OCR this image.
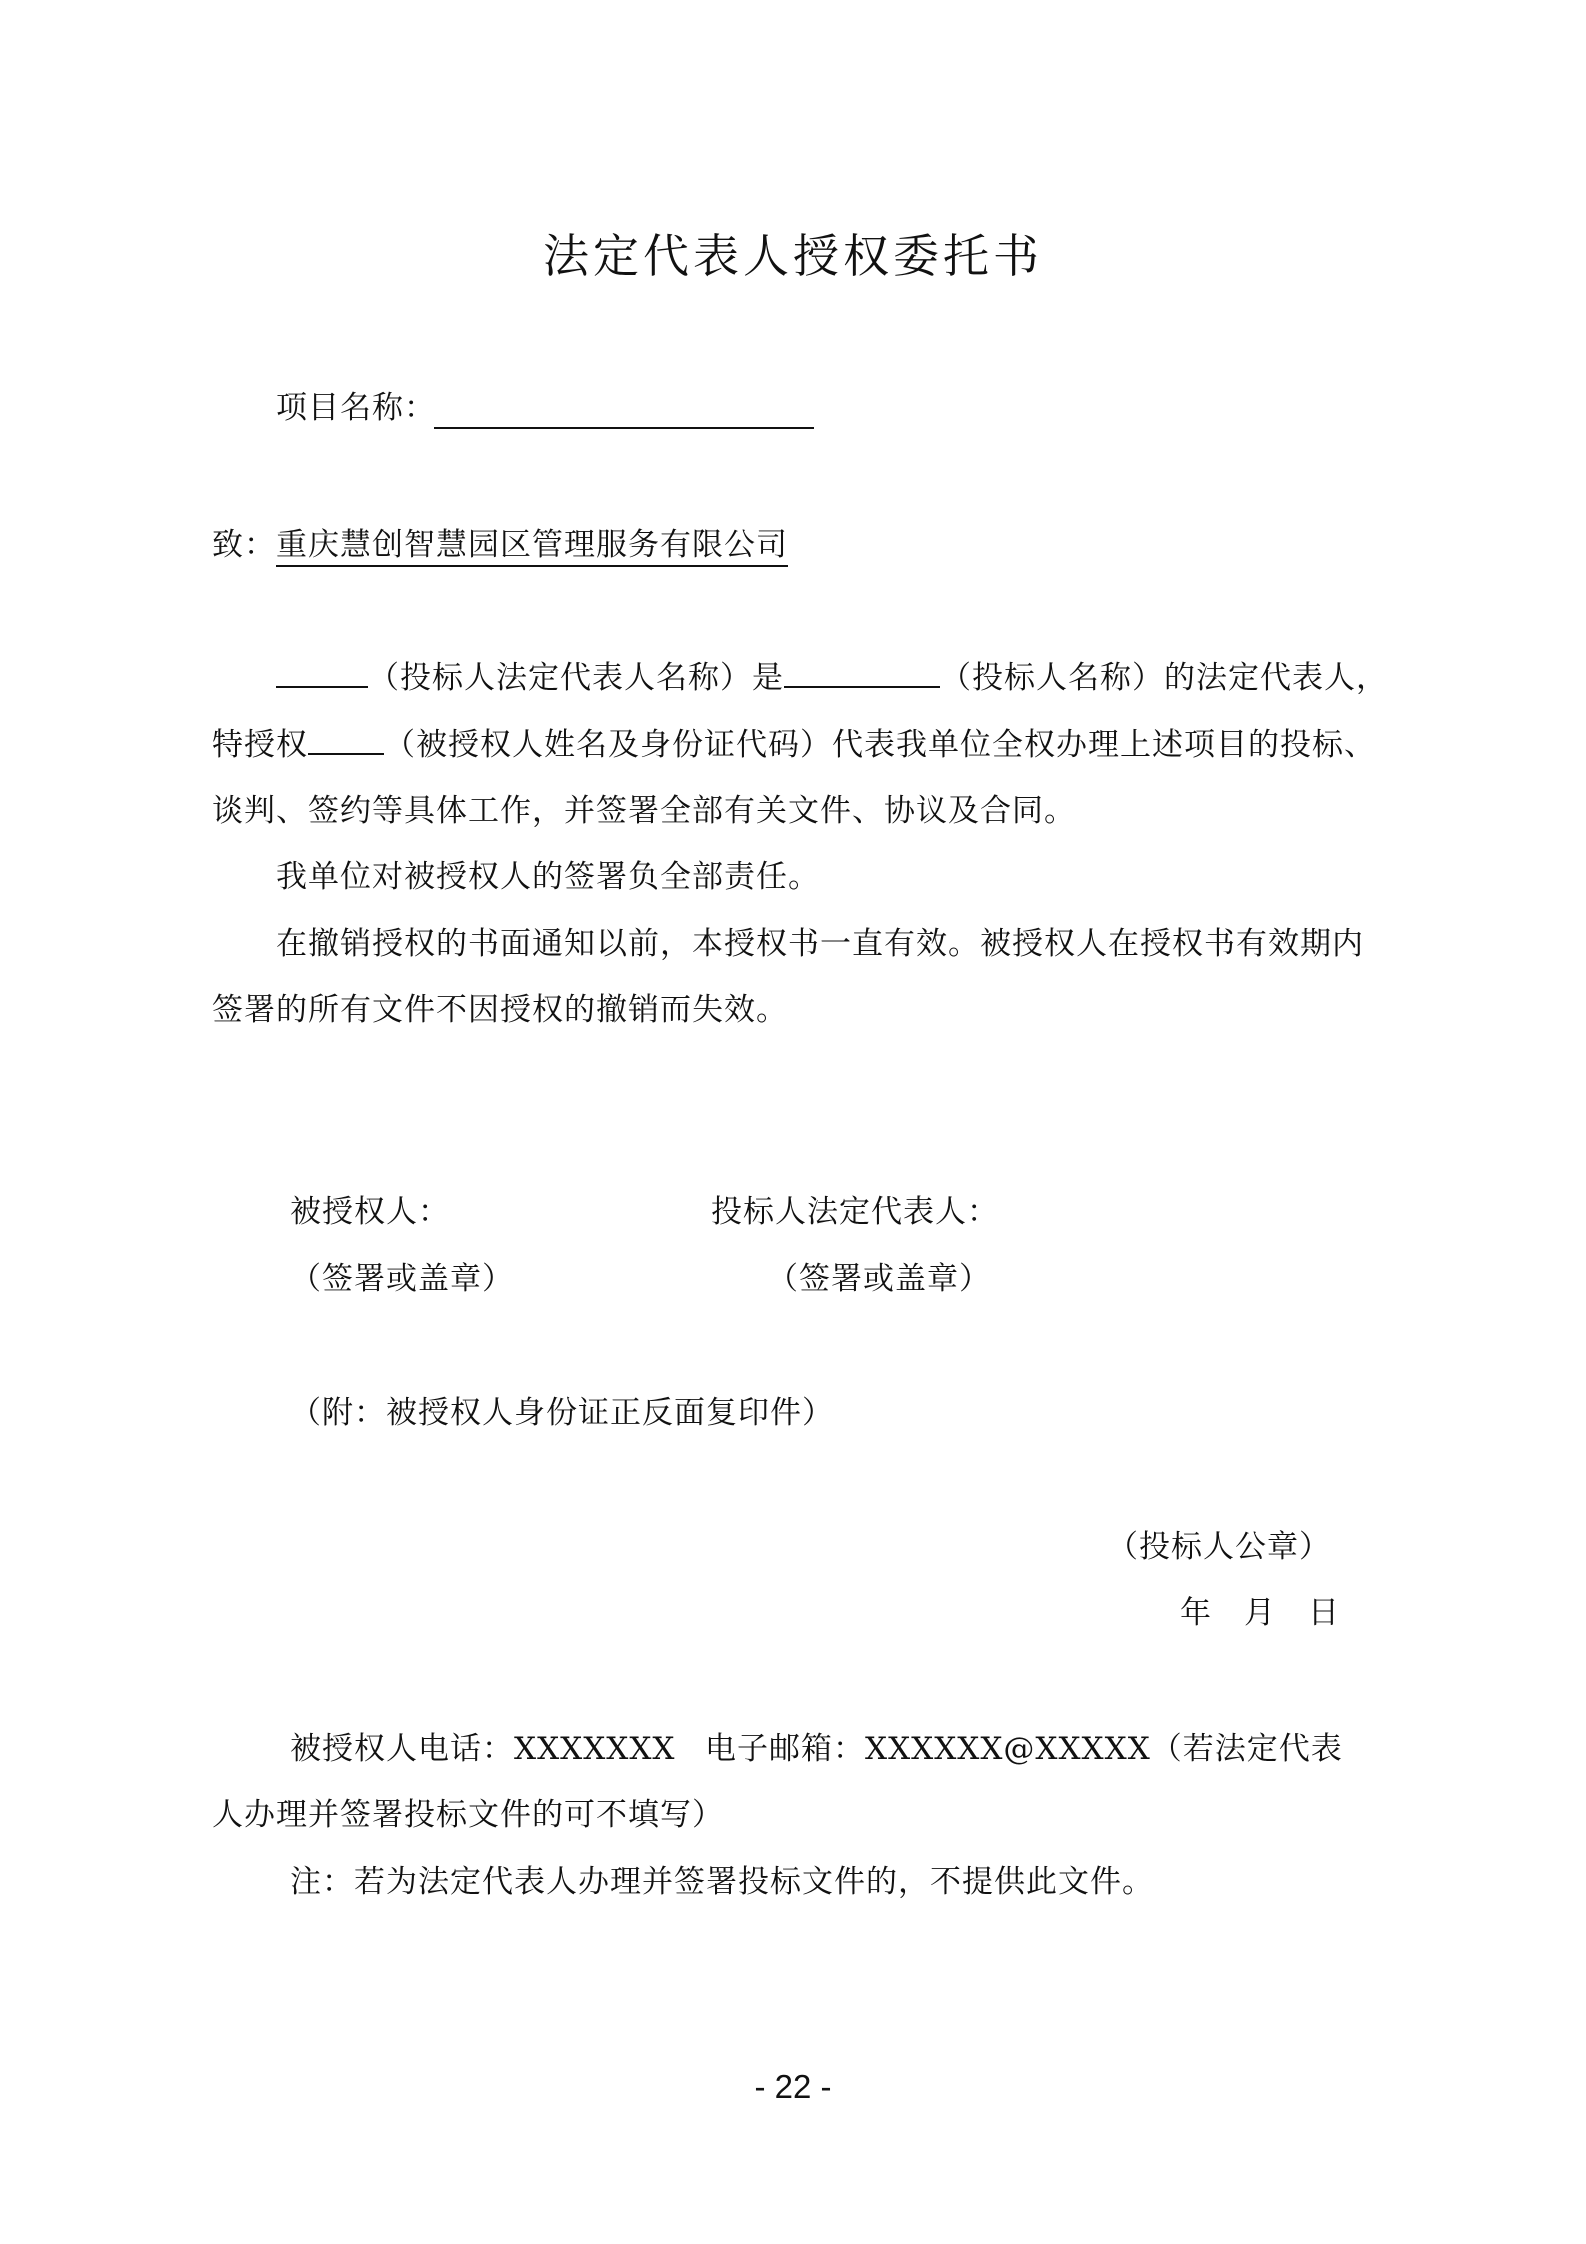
法定代表人授权委托书
项目名称：
致：重庆慧创智慧园区管理服务有限公司
（投标人法定代表人名称）是	（投标人名称）的法定代表人，
特授权 （被授权人姓名及身份证代码）代表我单位全权办理上述项目的投标、
谈判、签约等具体工作，并签署全部有关文件、协议及合同。
我单位对被授权人的签署负全部责任。
在撤销授权的书面通知以前，本授权书一直有效。被授权人在授权书有效期内
签署的所有文件不因授权的撤销而失效。
被授权人：	投标人法定代表人：
（签署或盖章）	（签署或盖章）
（附：被授权人身份证正反面复印件）
（投标人公章）
年　月　日
被授权人电话：XXXXXXX 电子邮箱：XXXXXX@XXXXX（若法定代表
人办理并签署投标文件的可不填写）
注：若为法定代表人办理并签署投标文件的，不提供此文件。
- 22 -
